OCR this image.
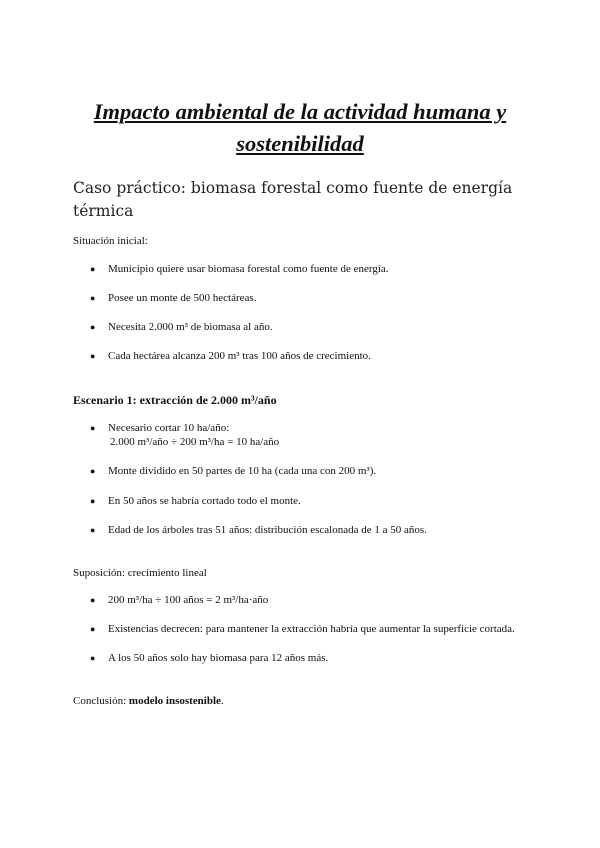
Impacto ambiental de la actividad humana y
sostenibilidad
Caso práctico: biomasa forestal como fuente de energía térmica

Situación inicial:

● Municipio quiere usar biomasa forestal como fuente de energía.
● Posee un monte de 500 hectáreas.
● Necesita 2.000 m³ de biomasa al año.
● Cada hectárea alcanza 200 m³ tras 100 años de crecimiento.
Escenario 1: extracción de 2.000 m³/año
● Necesario cortar 10 ha/año:
2.000 m³/año ÷ 200 m³/ha = 10 ha/año
● Monte dividido en 50 partes de 10 ha (cada una con 200 m³).
● En 50 años se habría cortado todo el monte.
● Edad de los árboles tras 51 años: distribución escalonada de 1 a 50 años.

Suposición: crecimiento lineal

● 200 m³/ha ÷ 100 años = 2 m³/ha·año
● Existencias decrecen: para mantener la extracción habría que aumentar la superficie cortada.
● A los 50 años solo hay biomasa para 12 años más.

Conclusión: modelo insostenible.
